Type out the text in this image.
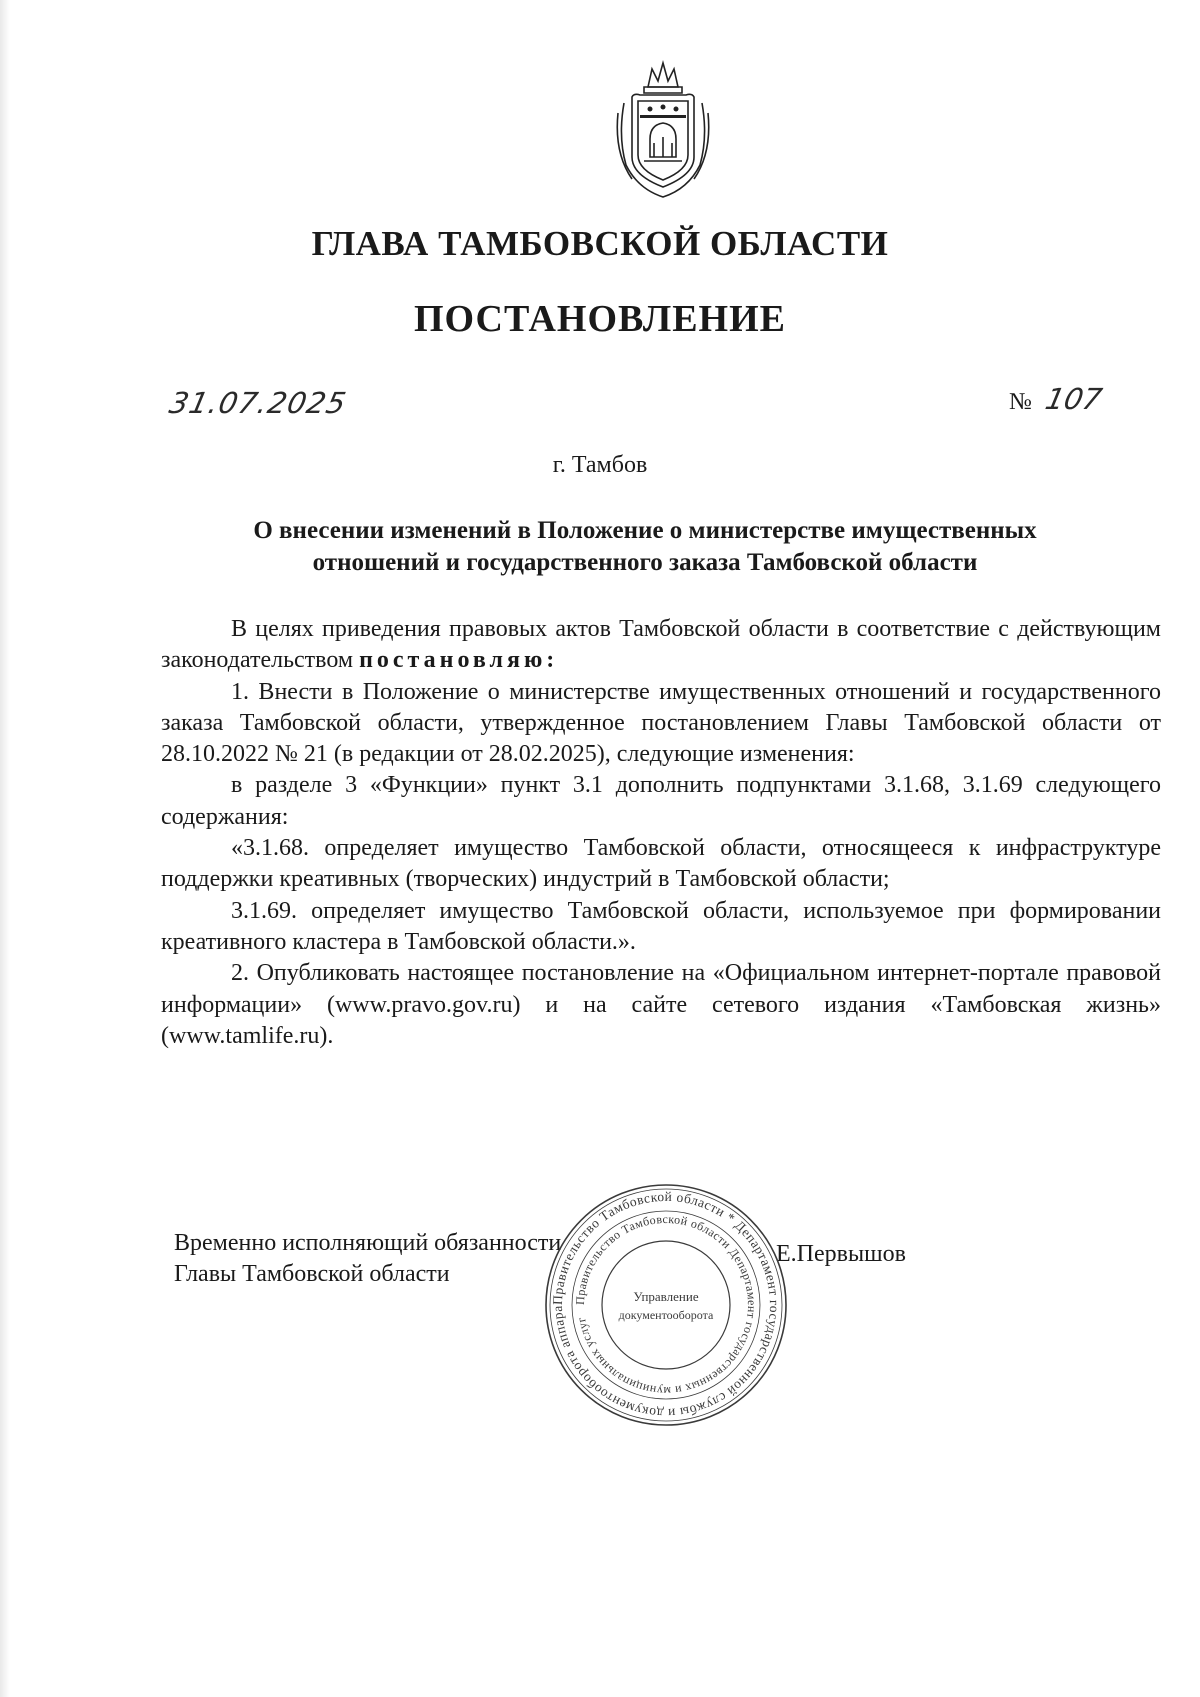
ГЛАВА ТАМБОВСКОЙ ОБЛАСТИ
ПОСТАНОВЛЕНИЕ
31.07.2025	№ 107
г. Тамбов
О внесении изменений в Положение о министерстве имущественных
отношений и государственного заказа Тамбовской области

В целях приведения правовых актов Тамбовской области в соответствие с действующим законодательством постановляю:

1. Внести в Положение о министерстве имущественных отношений и государственного заказа Тамбовской области, утвержденное постановлением Главы Тамбовской области от 28.10.2022 № 21 (в редакции от 28.02.2025), следующие изменения:

в разделе 3 «Функции» пункт 3.1 дополнить подпунктами 3.1.68, 3.1.69 следующего содержания:

«3.1.68. определяет имущество Тамбовской области, относящееся к инфраструктуре поддержки креативных (творческих) индустрий в Тамбовской области;

3.1.69. определяет имущество Тамбовской области, используемое при формировании креативного кластера в Тамбовской области.».

2. Опубликовать настоящее постановление на «Официальном интернет-портале правовой информации» (www.pravo.gov.ru) и на сайте сетевого издания «Тамбовская жизнь» (www.tamlife.ru).

Временно исполняющий обязанности
Главы Тамбовской области
Е.Первышов
Правительство Тамбовской области * Департамент государственной службы и документооборота аппара
Правительство Тамбовской области Департамент государственных и муниципальных услуг
Управление
документооборота
